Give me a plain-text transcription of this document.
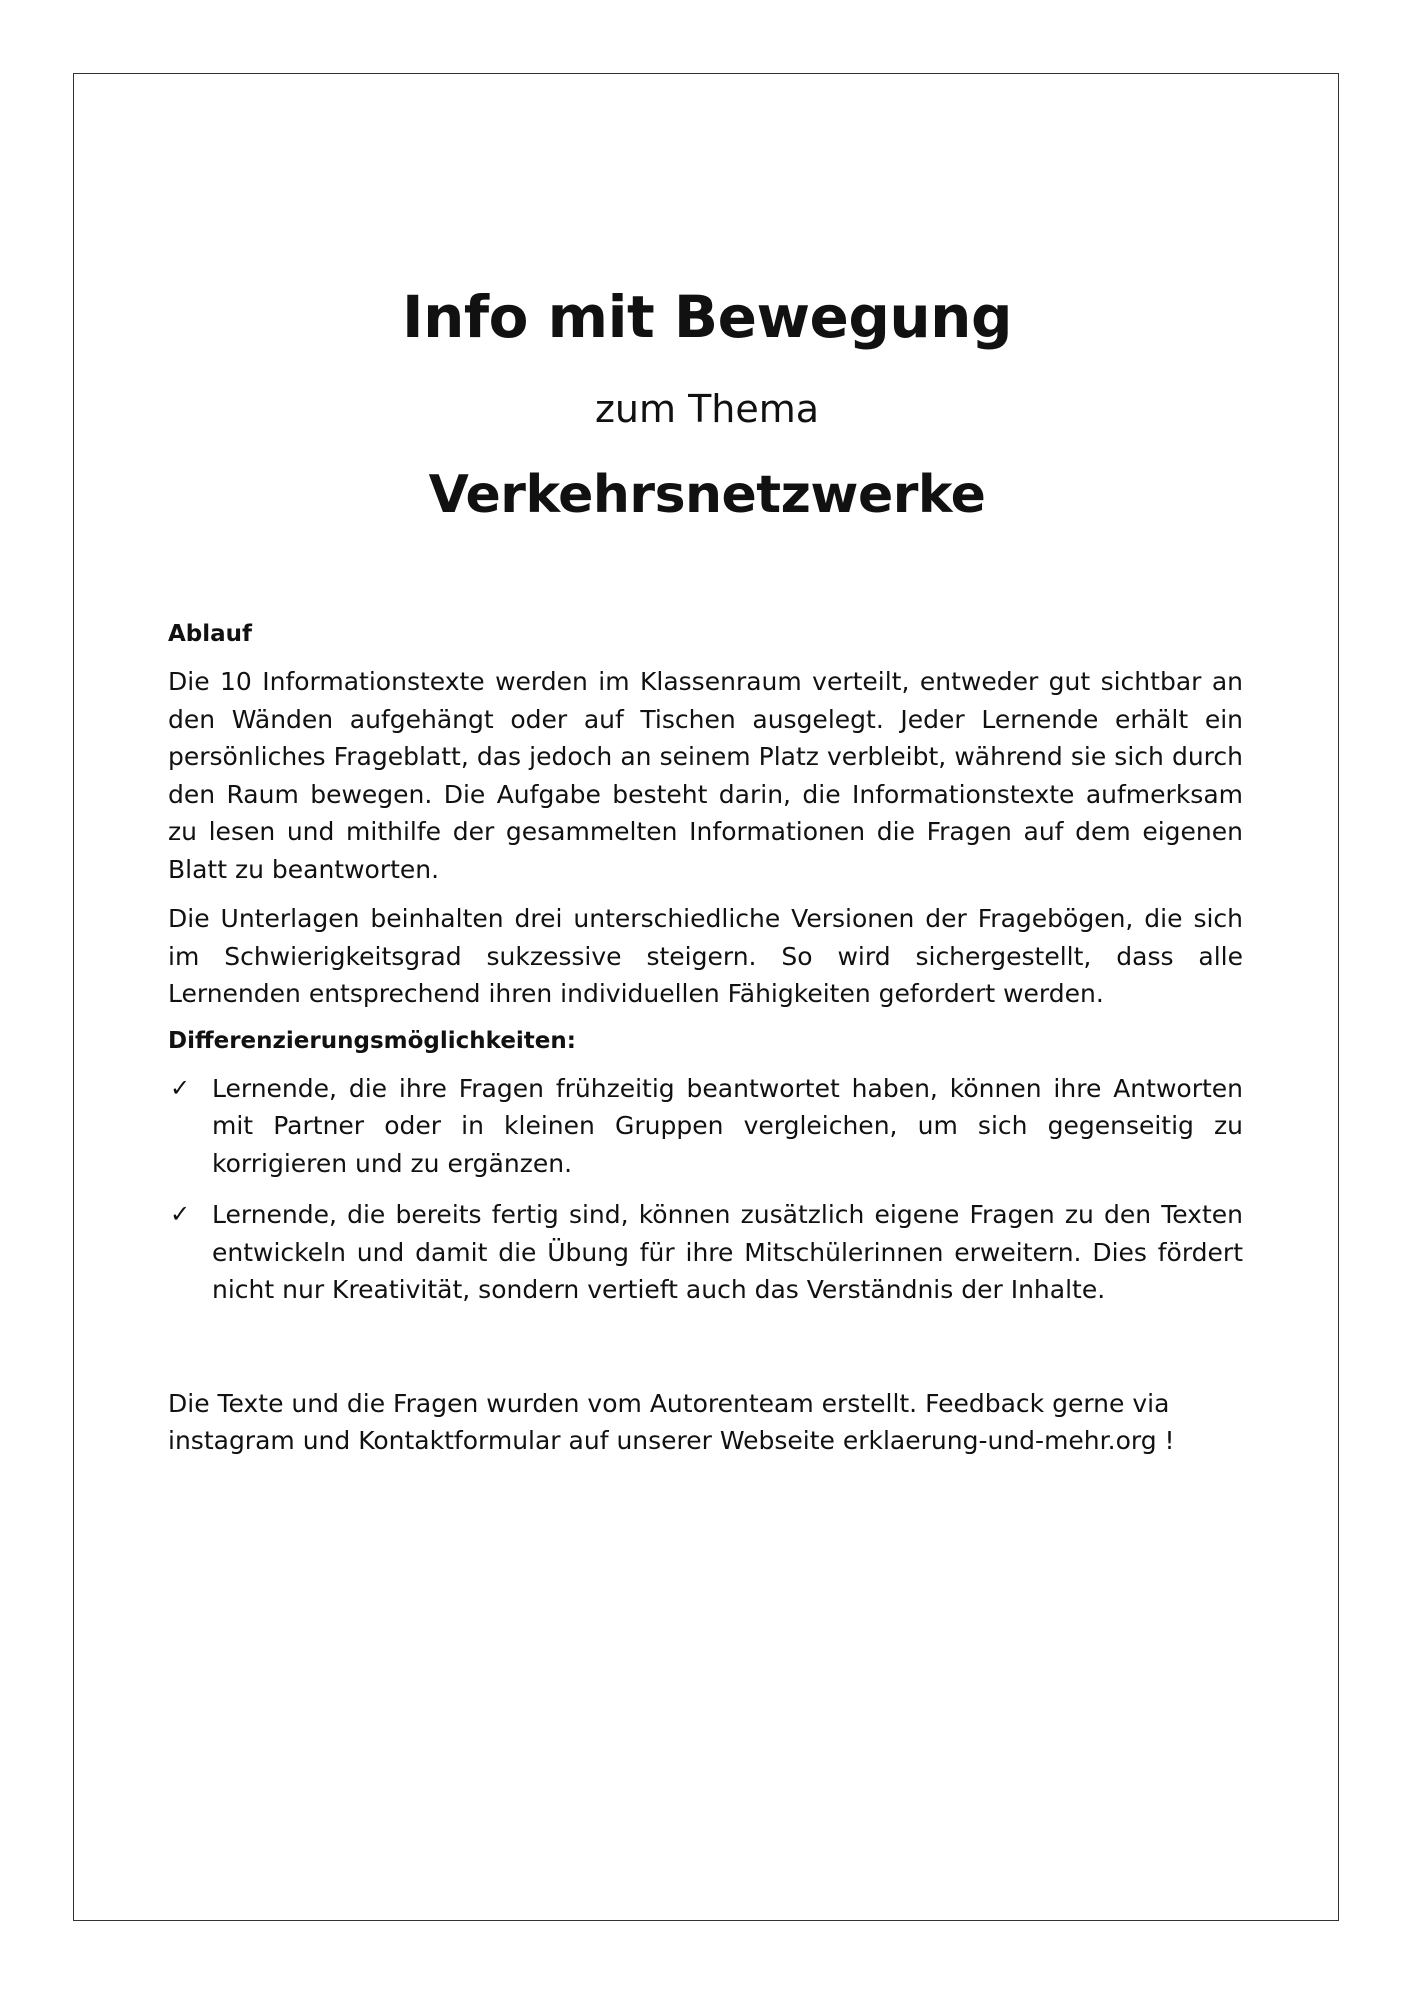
Info mit Bewegung
zum Thema
Verkehrsnetzwerke
Ablauf

Die 10 Informationstexte werden im Klassenraum verteilt, entweder gut sichtbar an den Wänden aufgehängt oder auf Tischen ausgelegt. Jeder Lernende erhält ein persönliches Frageblatt, das jedoch an seinem Platz verbleibt, während sie sich durch den Raum bewegen. Die Aufgabe besteht darin, die Informationstexte aufmerksam zu lesen und mithilfe der gesammelten Informationen die Fragen auf dem eigenen Blatt zu beantworten.

Die Unterlagen beinhalten drei unterschiedliche Versionen der Fragebögen, die sich im Schwierigkeitsgrad sukzessive steigern. So wird sichergestellt, dass alle Lernenden entsprechend ihren individuellen Fähigkeiten gefordert werden.

Differenzierungsmöglichkeiten:
✓ Lernende, die ihre Fragen frühzeitig beantwortet haben, können ihre Antworten mit Partner oder in kleinen Gruppen vergleichen, um sich gegenseitig zu korrigieren und zu ergänzen.
✓ Lernende, die bereits fertig sind, können zusätzlich eigene Fragen zu den Texten entwickeln und damit die Übung für ihre Mitschülerinnen erweitern. Dies fördert nicht nur Kreativität, sondern vertieft auch das Verständnis der Inhalte.
Die Texte und die Fragen wurden vom Autorenteam erstellt. Feedback gerne via
instagram und Kontaktformular auf unserer Webseite erklaerung-und-mehr.org !
